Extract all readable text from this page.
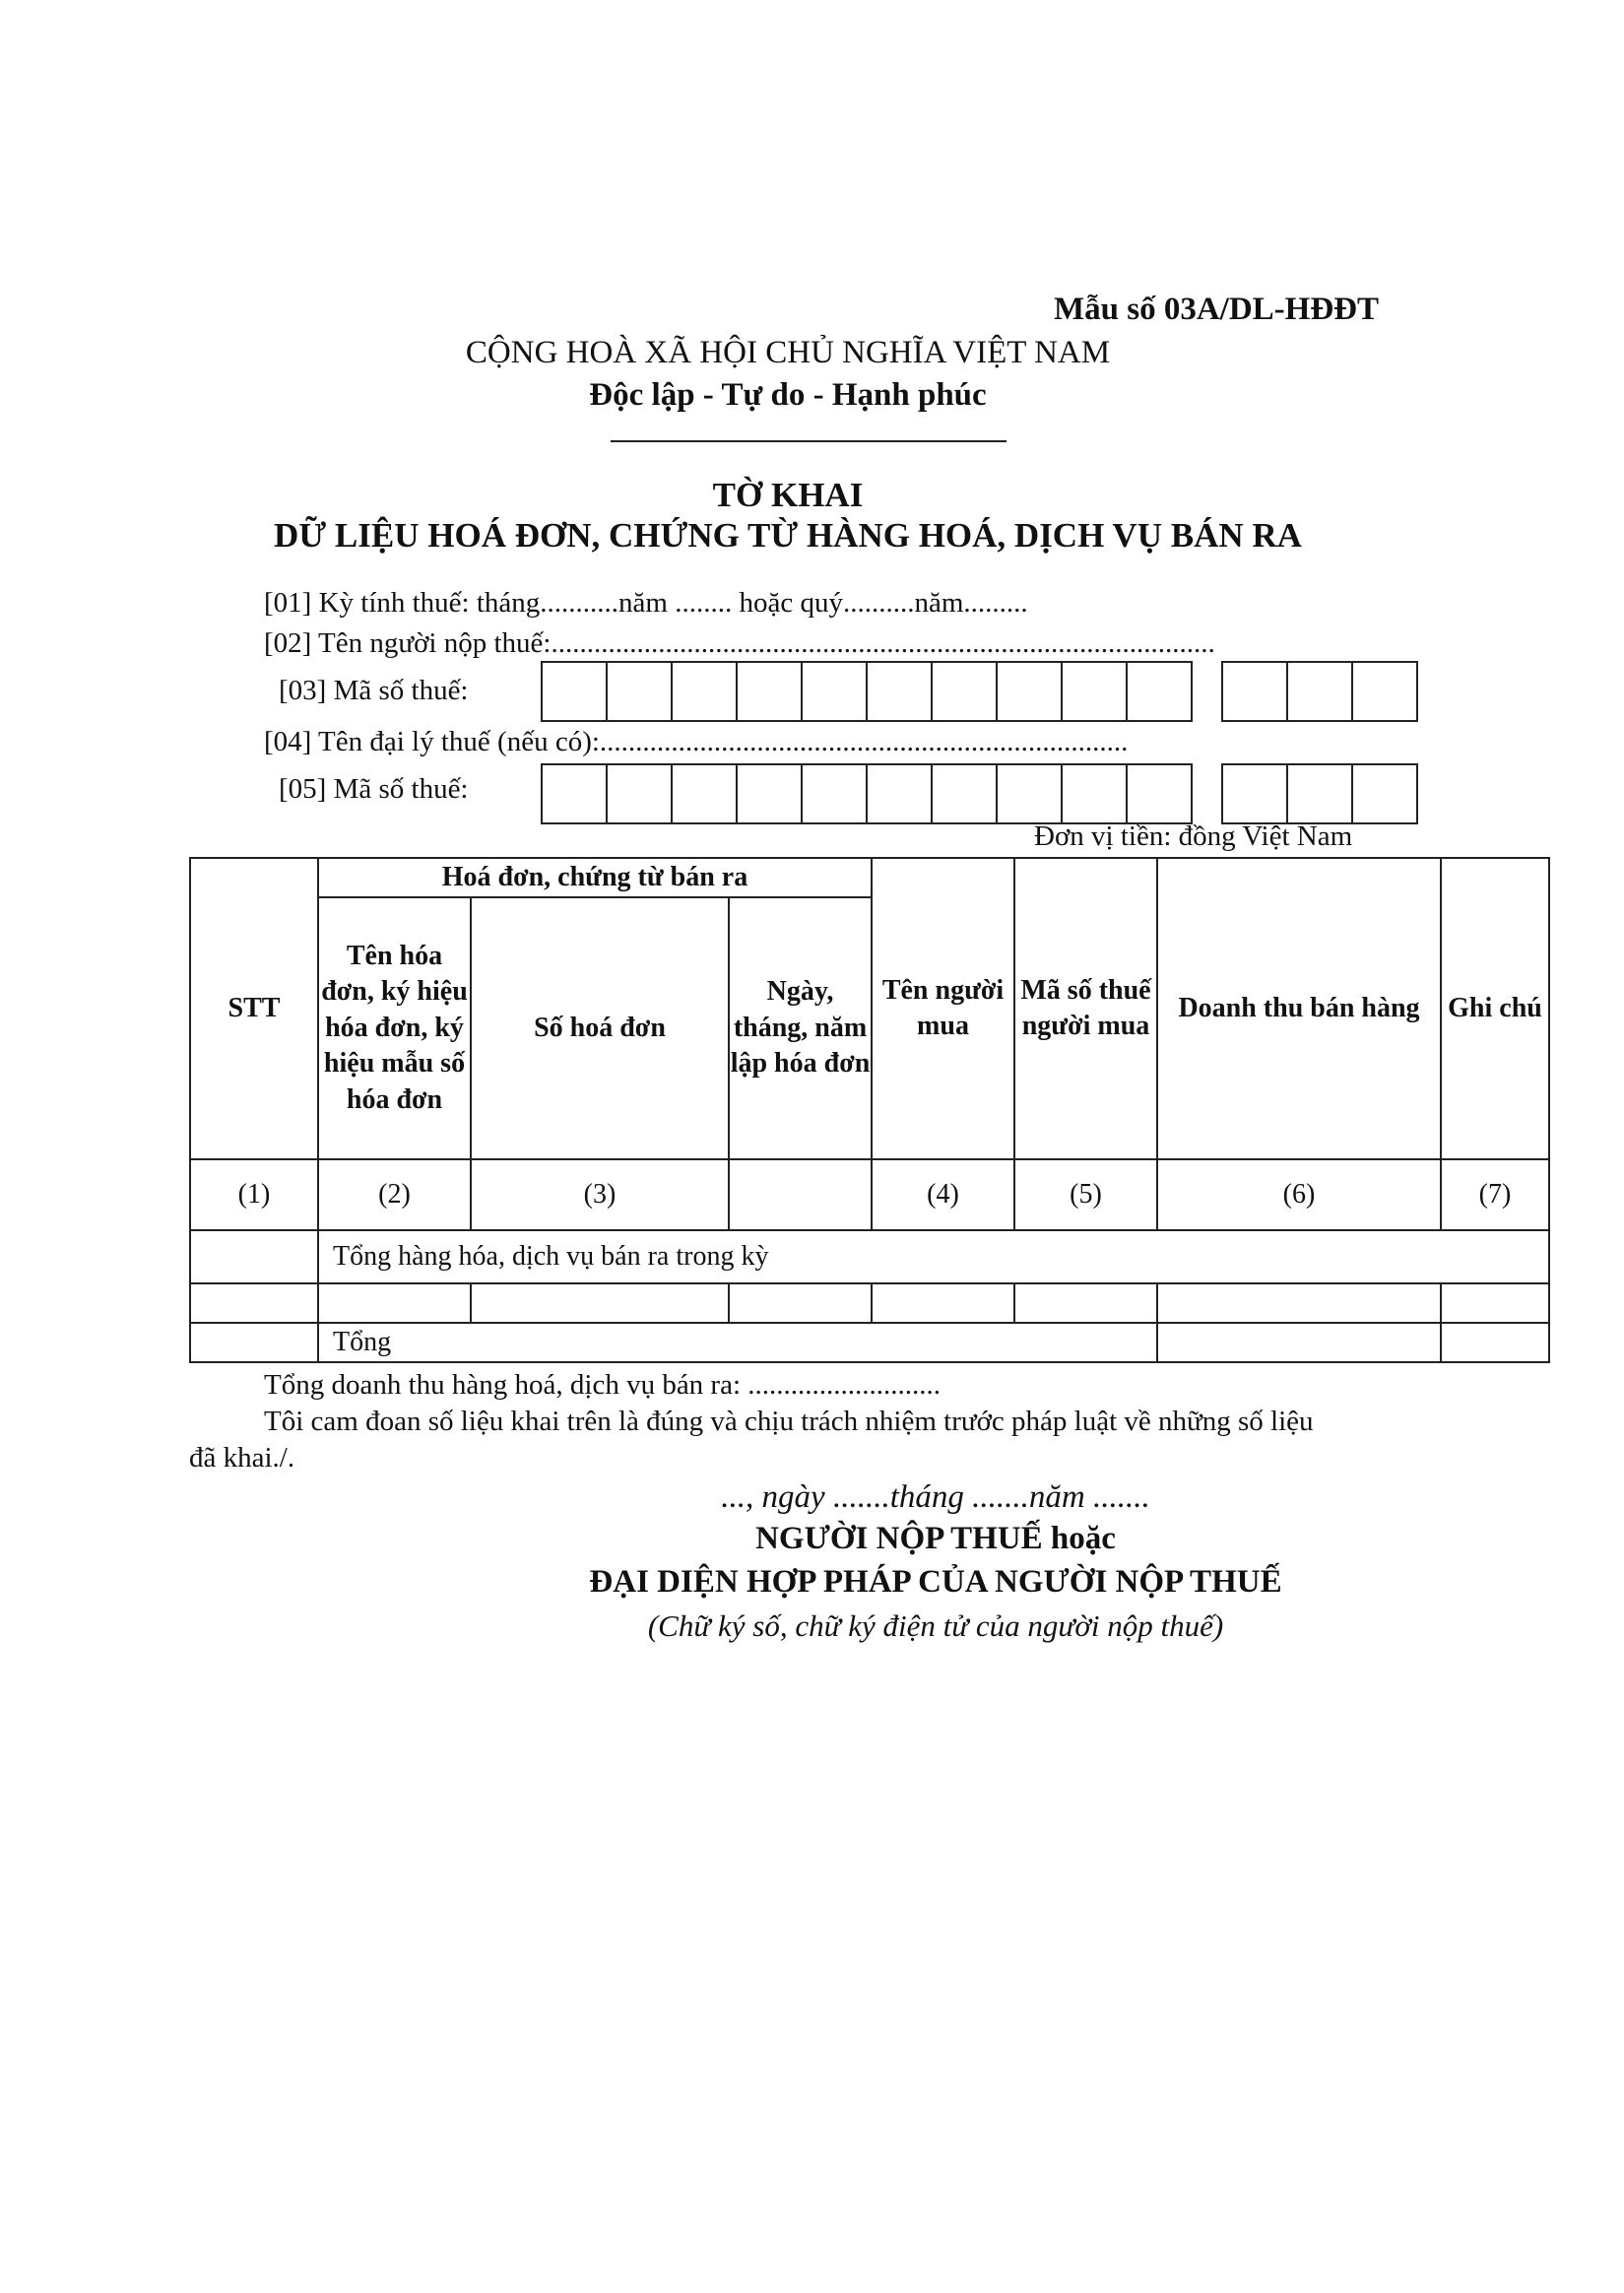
Mẫu số 03A/DL-HĐĐT
CỘNG HOÀ XÃ HỘI CHỦ NGHĨA VIỆT NAM
Độc lập - Tự do - Hạnh phúc
TỜ KHAI
DỮ LIỆU HOÁ ĐƠN, CHỨNG TỪ HÀNG HOÁ, DỊCH VỤ BÁN RA
[01] Kỳ tính thuế: tháng...........năm ........ hoặc quý..........năm.........
[02] Tên người nộp thuế:.............................................................................................
[03] Mã số thuế:
[04] Tên đại lý thuế (nếu có):..........................................................................
[05] Mã số thuế:
Đơn vị tiền: đồng Việt Nam
STT	Hoá đơn, chứng từ bán ra			Tên người mua	Mã số thuế người mua	Doanh thu bán hàng	Ghi chú
	Tên hóa đơn, ký hiệu hóa đơn, ký hiệu mẫu số hóa đơn	Số hoá đơn	Ngày, tháng, năm lập hóa đơn				
(1)	(2)	(3)		(4)	(5)	(6)	(7)
	Tổng hàng hóa, dịch vụ bán ra trong kỳ						

	Tổng						
Tổng doanh thu hàng hoá, dịch vụ bán ra: ...........................
Tôi cam đoan số liệu khai trên là đúng và chịu trách nhiệm trước pháp luật về những số liệu
đã khai./.
..., ngày .......tháng .......năm .......
NGƯỜI NỘP THUẾ hoặc
ĐẠI DIỆN HỢP PHÁP CỦA NGƯỜI NỘP THUẾ
(Chữ ký số, chữ ký điện tử của người nộp thuế)
